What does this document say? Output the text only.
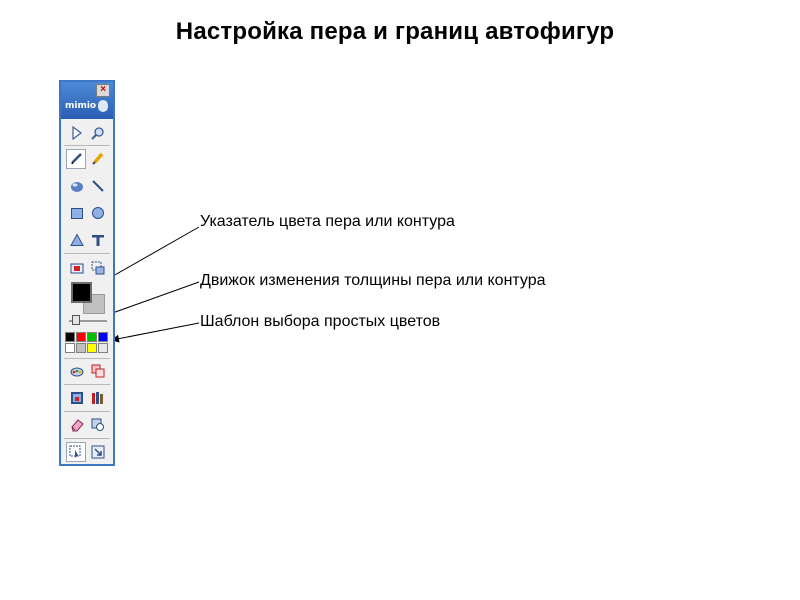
Настройка пера и границ автофигур
Указатель цвета пера или контура
Движок изменения толщины пера или контура
Шаблон выбора простых цветов
×
mimio
